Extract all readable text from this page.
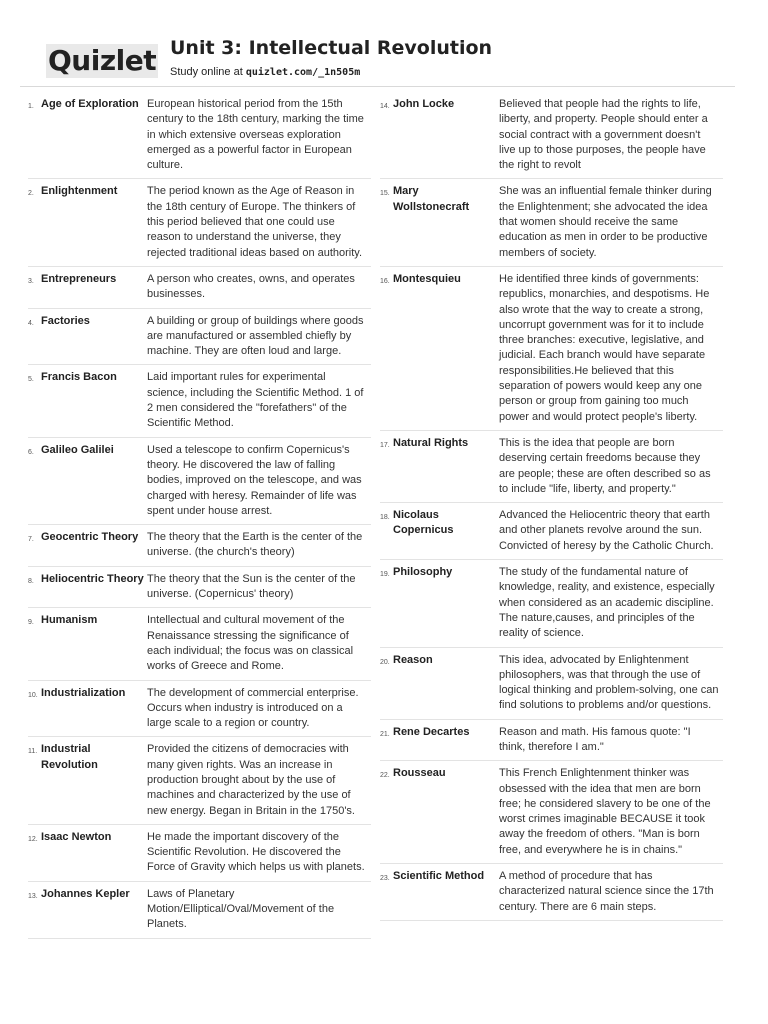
Quizlet Unit 3: Intellectual Revolution
Study online at quizlet.com/_1n505m
1. Age of Exploration European historical period from the 15th century to the 18th century, marking the time in which extensive overseas exploration emerged as a powerful factor in European culture.
2. Enlightenment	The period known as the Age of Reason in the 18th century of Europe. The thinkers of this period believed that one could use reason to understand the universe, they rejected traditional ideas based on authority.
3. Entrepreneurs	A person who creates, owns, and operates businesses.
4. Factories	A building or group of buildings where goods are manufactured or assembled chiefly by machine. They are often loud and large.
5. Francis Bacon	Laid important rules for experimental science, including the Scientific Method. 1 of 2 men considered the "forefathers" of the Scientific Method.
6. Galileo Galilei	Used a telescope to confirm Copernicus's theory. He discovered the law of falling bodies, improved on the telescope, and was charged with heresy. Remainder of life was spent under house arrest.
7. Geocentric Theory The theory that the Earth is the center of the universe. (the church's theory)
8. Heliocentric Theory The theory that the Sun is the center of the universe. (Copernicus' theory)
9. Humanism	Intellectual and cultural movement of the Renaissance stressing the significance of each individual; the focus was on classical works of Greece and Rome.
10. Industrialization	The development of commercial enterprise. Occurs when industry is introduced on a large scale to a region or country.
11. Industrial Revolution
Provided the citizens of democracies with many given rights. Was an increase in production brought about by the use of machines and characterized by the use of new energy. Began in Britain in the 1750's.
12. Isaac Newton	He made the important discovery of the Scientific Revolution. He discovered the Force of Gravity which helps us with planets.
13. Johannes Kepler	Laws of Planetary Motion/Elliptical/Oval/Movement of the Planets.
14. John Locke	Believed that people had the rights to life, liberty, and property. People should enter a social contract with a government doesn't live up to those purposes, the people have the right to revolt
15. Mary Wollstonecraft
She was an influential female thinker during the Enlightenment; she advocated the idea that women should receive the same education as men in order to be productive members of society.
16. Montesquieu	He identified three kinds of governments: republics, monarchies, and despotisms. He also wrote that the way to create a strong, uncorrupt government was for it to include three branches: executive, legislative, and judicial. Each branch would have separate responsibilities.He believed that this separation of powers would keep any one person or group from gaining too much power and would protect people's liberty.
17. Natural Rights	This is the idea that people are born deserving certain freedoms because they are people; these are often described so as to include "life, liberty, and property."
18. Nicolaus Copernicus
Advanced the Heliocentric theory that earth and other planets revolve around the sun. Convicted of heresy by the Catholic Church.
19. Philosophy	The study of the fundamental nature of knowledge, reality, and existence, especially when considered as an academic discipline. The nature,causes, and principles of the reality of science.
20. Reason	This idea, advocated by Enlightenment philosophers, was that through the use of logical thinking and problem-solving, one can find solutions to problems and/or questions.
21. Rene Decartes	Reason and math. His famous quote: "I think, therefore I am."
22. Rousseau	This French Enlightenment thinker was obsessed with the idea that men are born free; he considered slavery to be one of the worst crimes imaginable BECAUSE it took away the freedom of others. "Man is born free, and everywhere he is in chains."
23. Scientific Method	A method of procedure that has characterized natural science since the 17th century. There are 6 main steps.
